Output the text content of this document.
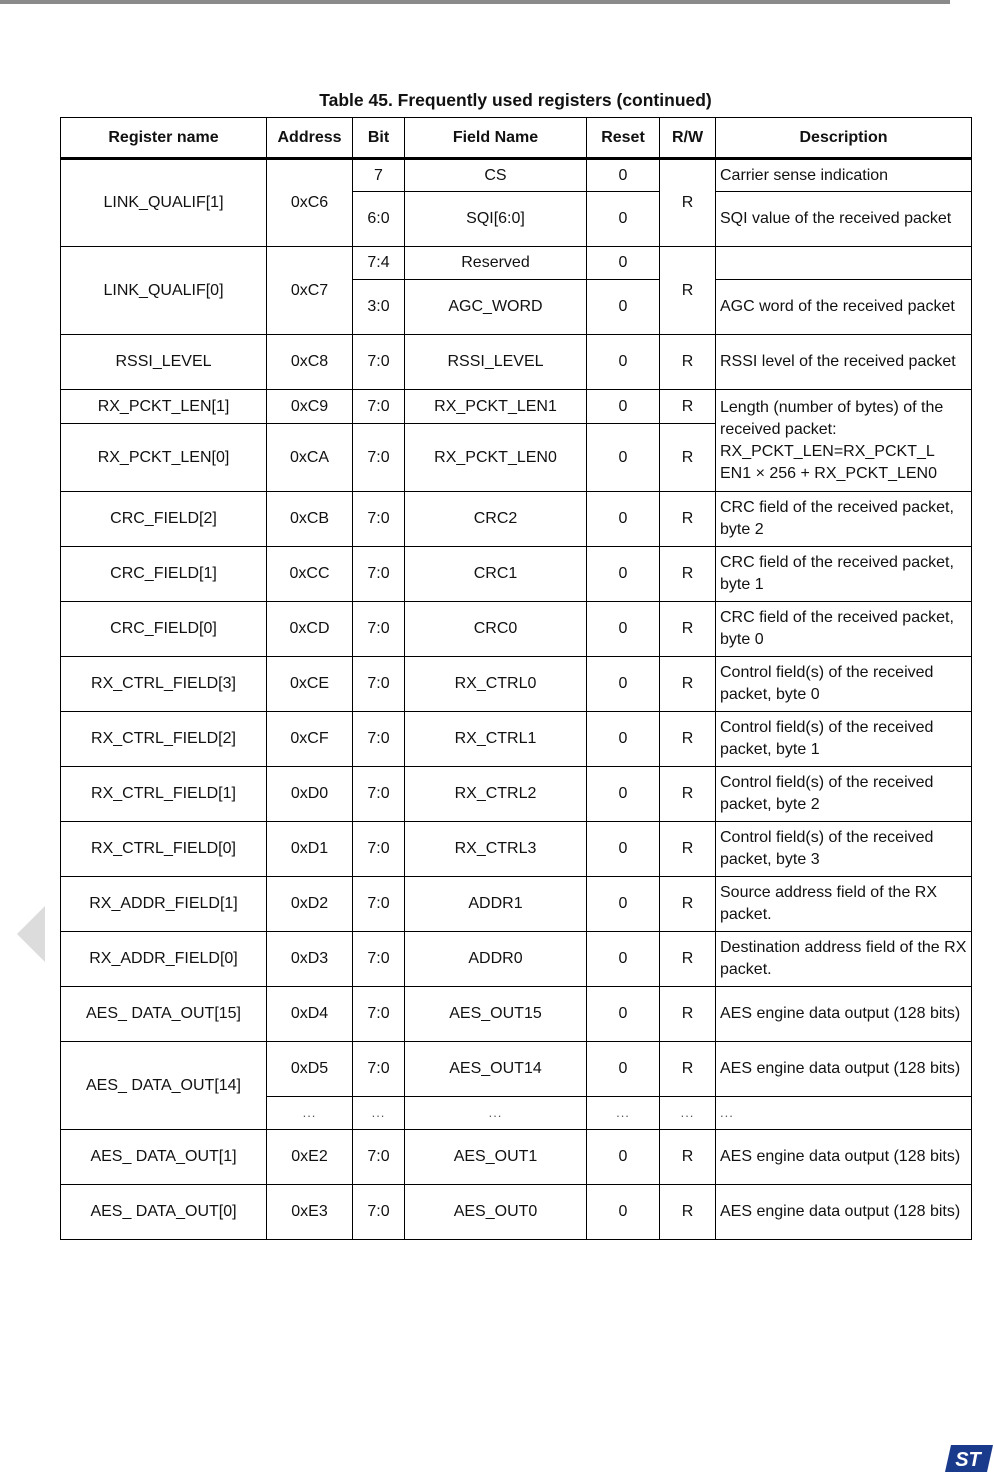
Table 45. Frequently used registers (continued)
Register name	Address	Bit	Field Name	Reset	R/W	Description
LINK_QUALIF[1]	0xC6	7	CS	0	R	Carrier sense indication
		6:0	SQI[6:0]	0		SQI value of the received packet
LINK_QUALIF[0]	0xC7	7:4	Reserved	0	R	
		3:0	AGC_WORD	0		AGC word of the received packet
RSSI_LEVEL	0xC8	7:0	RSSI_LEVEL	0	R	RSSI level of the received packet
RX_PCKT_LEN[1]	0xC9	7:0	RX_PCKT_LEN1	0	R	Length (number of bytes) of the received packet: RX_PCKT_LEN=RX_PCKT_L EN1 × 256 + RX_PCKT_LEN0
RX_PCKT_LEN[0]	0xCA	7:0	RX_PCKT_LEN0	0	R	
CRC_FIELD[2]	0xCB	7:0	CRC2	0	R	CRC field of the received packet, byte 2
CRC_FIELD[1]	0xCC	7:0	CRC1	0	R	CRC field of the received packet, byte 1
CRC_FIELD[0]	0xCD	7:0	CRC0	0	R	CRC field of the received packet, byte 0
RX_CTRL_FIELD[3]	0xCE	7:0	RX_CTRL0	0	R	Control field(s) of the received packet, byte 0
RX_CTRL_FIELD[2]	0xCF	7:0	RX_CTRL1	0	R	Control field(s) of the received packet, byte 1
RX_CTRL_FIELD[1]	0xD0	7:0	RX_CTRL2	0	R	Control field(s) of the received packet, byte 2
RX_CTRL_FIELD[0]	0xD1	7:0	RX_CTRL3	0	R	Control field(s) of the received packet, byte 3
RX_ADDR_FIELD[1]	0xD2	7:0	ADDR1	0	R	Source address field of the RX packet.
RX_ADDR_FIELD[0]	0xD3	7:0	ADDR0	0	R	Destination address field of the RX packet.
AES_ DATA_OUT[15]	0xD4	7:0	AES_OUT15	0	R	AES engine data output (128 bits)
AES_ DATA_OUT[14]	0xD5	7:0	AES_OUT14	0	R	AES engine data output (128 bits)
	...	...	...	...	...	...
AES_ DATA_OUT[1]	0xE2	7:0	AES_OUT1	0	R	AES engine data output (128 bits)
AES_ DATA_OUT[0]	0xE3	7:0	AES_OUT0	0	R	AES engine data output (128 bits)
ST
